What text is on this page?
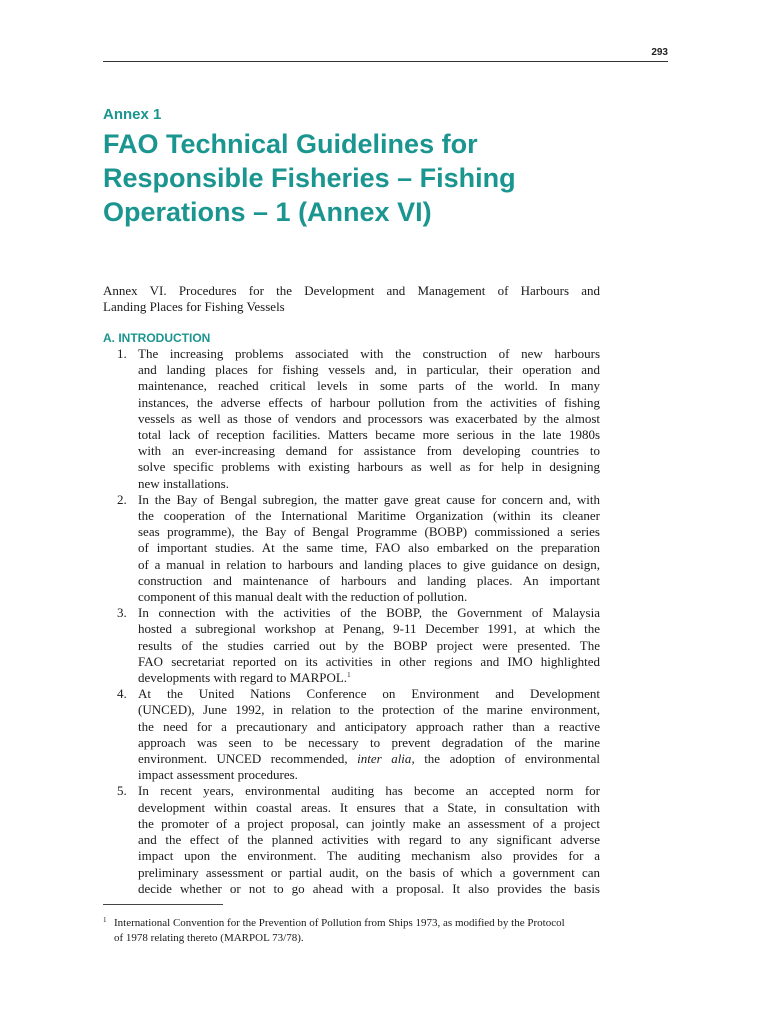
293
Annex 1
FAO Technical Guidelines for
Responsible Fisheries – Fishing
Operations – 1 (Annex VI)

Annex VI. Procedures for the Development and Management of Harbours and
Landing Places for Fishing Vessels

A. INTRODUCTION
1. The increasing problems associated with the construction of new harbours
and landing places for fishing vessels and, in particular, their operation and
maintenance, reached critical levels in some parts of the world. In many
instances, the adverse effects of harbour pollution from the activities of fishing
vessels as well as those of vendors and processors was exacerbated by the almost
total lack of reception facilities. Matters became more serious in the late 1980s
with an ever-increasing demand for assistance from developing countries to
solve specific problems with existing harbours as well as for help in designing
new installations.
2. In the Bay of Bengal subregion, the matter gave great cause for concern and, with
the cooperation of the International Maritime Organization (within its cleaner
seas programme), the Bay of Bengal Programme (BOBP) commissioned a series
of important studies. At the same time, FAO also embarked on the preparation
of a manual in relation to harbours and landing places to give guidance on design,
construction and maintenance of harbours and landing places. An important
component of this manual dealt with the reduction of pollution.
3. In connection with the activities of the BOBP, the Government of Malaysia
hosted a subregional workshop at Penang, 9-11 December 1991, at which the
results of the studies carried out by the BOBP project were presented. The
FAO secretariat reported on its activities in other regions and IMO highlighted
developments with regard to MARPOL.$^1$
4. At the United Nations Conference on Environment and Development
(UNCED), June 1992, in relation to the protection of the marine environment,
the need for a precautionary and anticipatory approach rather than a reactive
approach was seen to be necessary to prevent degradation of the marine
environment. UNCED recommended, inter alia, the adoption of environmental
impact assessment procedures.
5. In recent years, environmental auditing has become an accepted norm for
development within coastal areas. It ensures that a State, in consultation with
the promoter of a project proposal, can jointly make an assessment of a project
and the effect of the planned activities with regard to any significant adverse
impact upon the environment. The auditing mechanism also provides for a
preliminary assessment or partial audit, on the basis of which a government can
decide whether or not to go ahead with a proposal. It also provides the basis
1 International Convention for the Prevention of Pollution from Ships 1973, as modified by the Protocol
of 1978 relating thereto (MARPOL 73/78).
